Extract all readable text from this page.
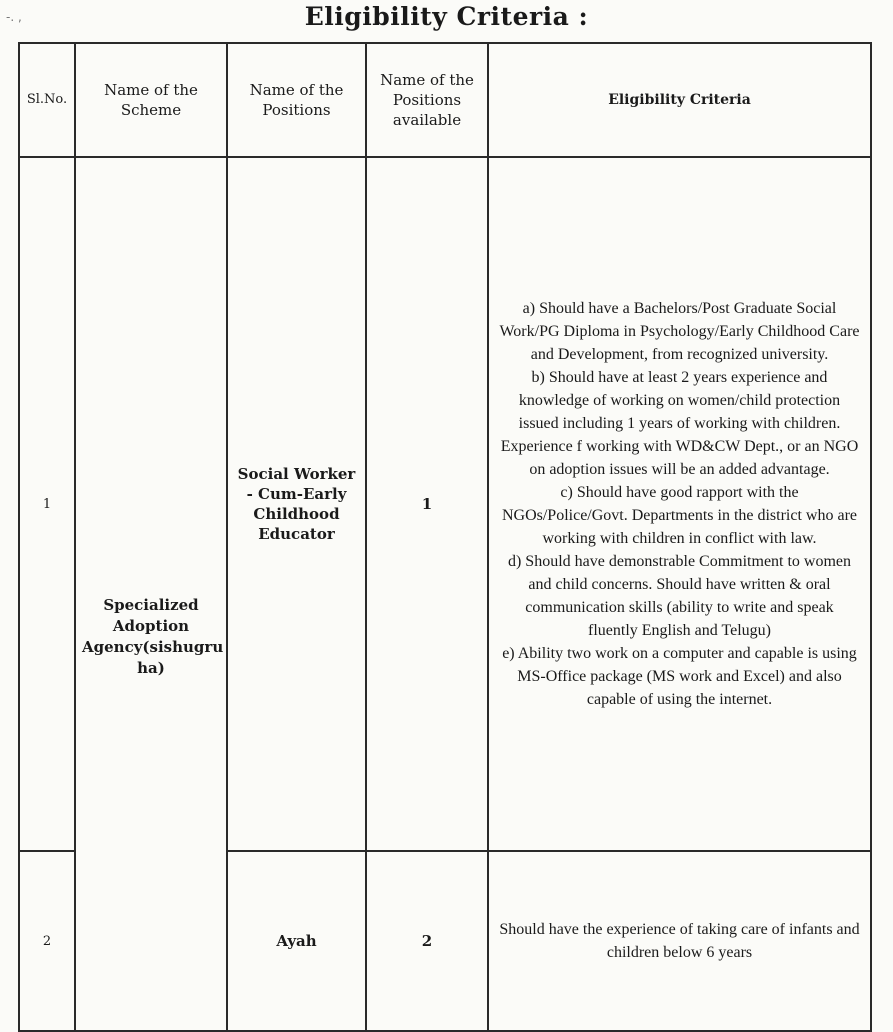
-. ,	Eligibility Criteria :
Sl.No.	Name of the Scheme	Name of the Positions	Name of the Positions available	Eligibility Criteria
1	Specialized Adoption Agency(sishugru ha)	Social Worker - Cum-Early Childhood Educator	1	a) Should have a Bachelors/Post Graduate Social Work/PG Diploma in Psychology/Early Childhood Care and Development, from recognized university.

b) Should have at least 2 years experience and knowledge of working on women/child protection issued including 1 years of working with children. Experience f working with WD&CW Dept., or an NGO on adoption issues will be an added advantage.

c) Should have good rapport with the NGOs/Police/Govt. Departments in the district who are working with children in conflict with law.

d) Should have demonstrable Commitment to women and child concerns. Should have written & oral communication skills (ability to write and speak fluently English and Telugu)

e) Ability two work on a computer and capable is using MS-Office package (MS work and Excel) and also capable of using the internet.

2		Ayah	2	Should have the experience of taking care of infants and children below 6 years
